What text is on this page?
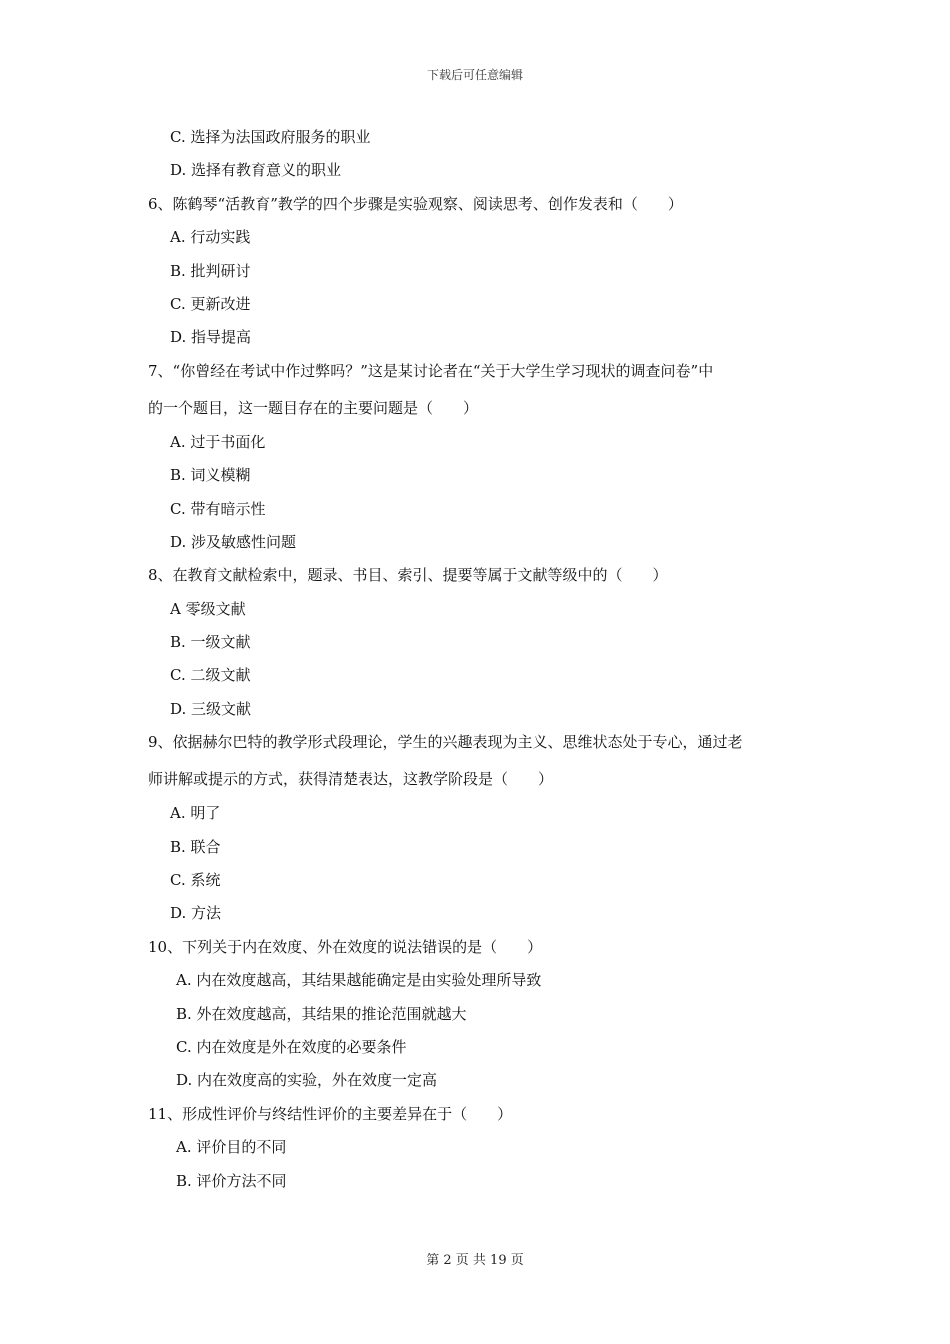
下载后可任意编辑
C. 选择为法国政府服务的职业
D. 选择有教育意义的职业
6、陈鹤琴“活教育”教学的四个步骤是实验观察、阅读思考、创作发表和（　　）
A. 行动实践
B. 批判研讨
C. 更新改进
D. 指导提高
7、“你曾经在考试中作过弊吗？”这是某讨论者在“关于大学生学习现状的调查问卷”中
的一个题目，这一题目存在的主要问题是（　　）
A. 过于书面化
B. 词义模糊
C. 带有暗示性
D. 涉及敏感性问题
8、在教育文献检索中，题录、书目、索引、提要等属于文献等级中的（　　）
A 零级文献
B. 一级文献
C. 二级文献
D. 三级文献
9、依据赫尔巴特的教学形式段理论，学生的兴趣表现为主义、思维状态处于专心，通过老
师讲解或提示的方式，获得清楚表达，这教学阶段是（　　）
A. 明了
B. 联合
C. 系统
D. 方法
10、下列关于内在效度、外在效度的说法错误的是（　　）
A. 内在效度越高，其结果越能确定是由实验处理所导致
B. 外在效度越高，其结果的推论范围就越大
C. 内在效度是外在效度的必要条件
D. 内在效度高的实验，外在效度一定高
11、形成性评价与终结性评价的主要差异在于（　　）
A. 评价目的不同
B. 评价方法不同
第 2 页 共 19 页
